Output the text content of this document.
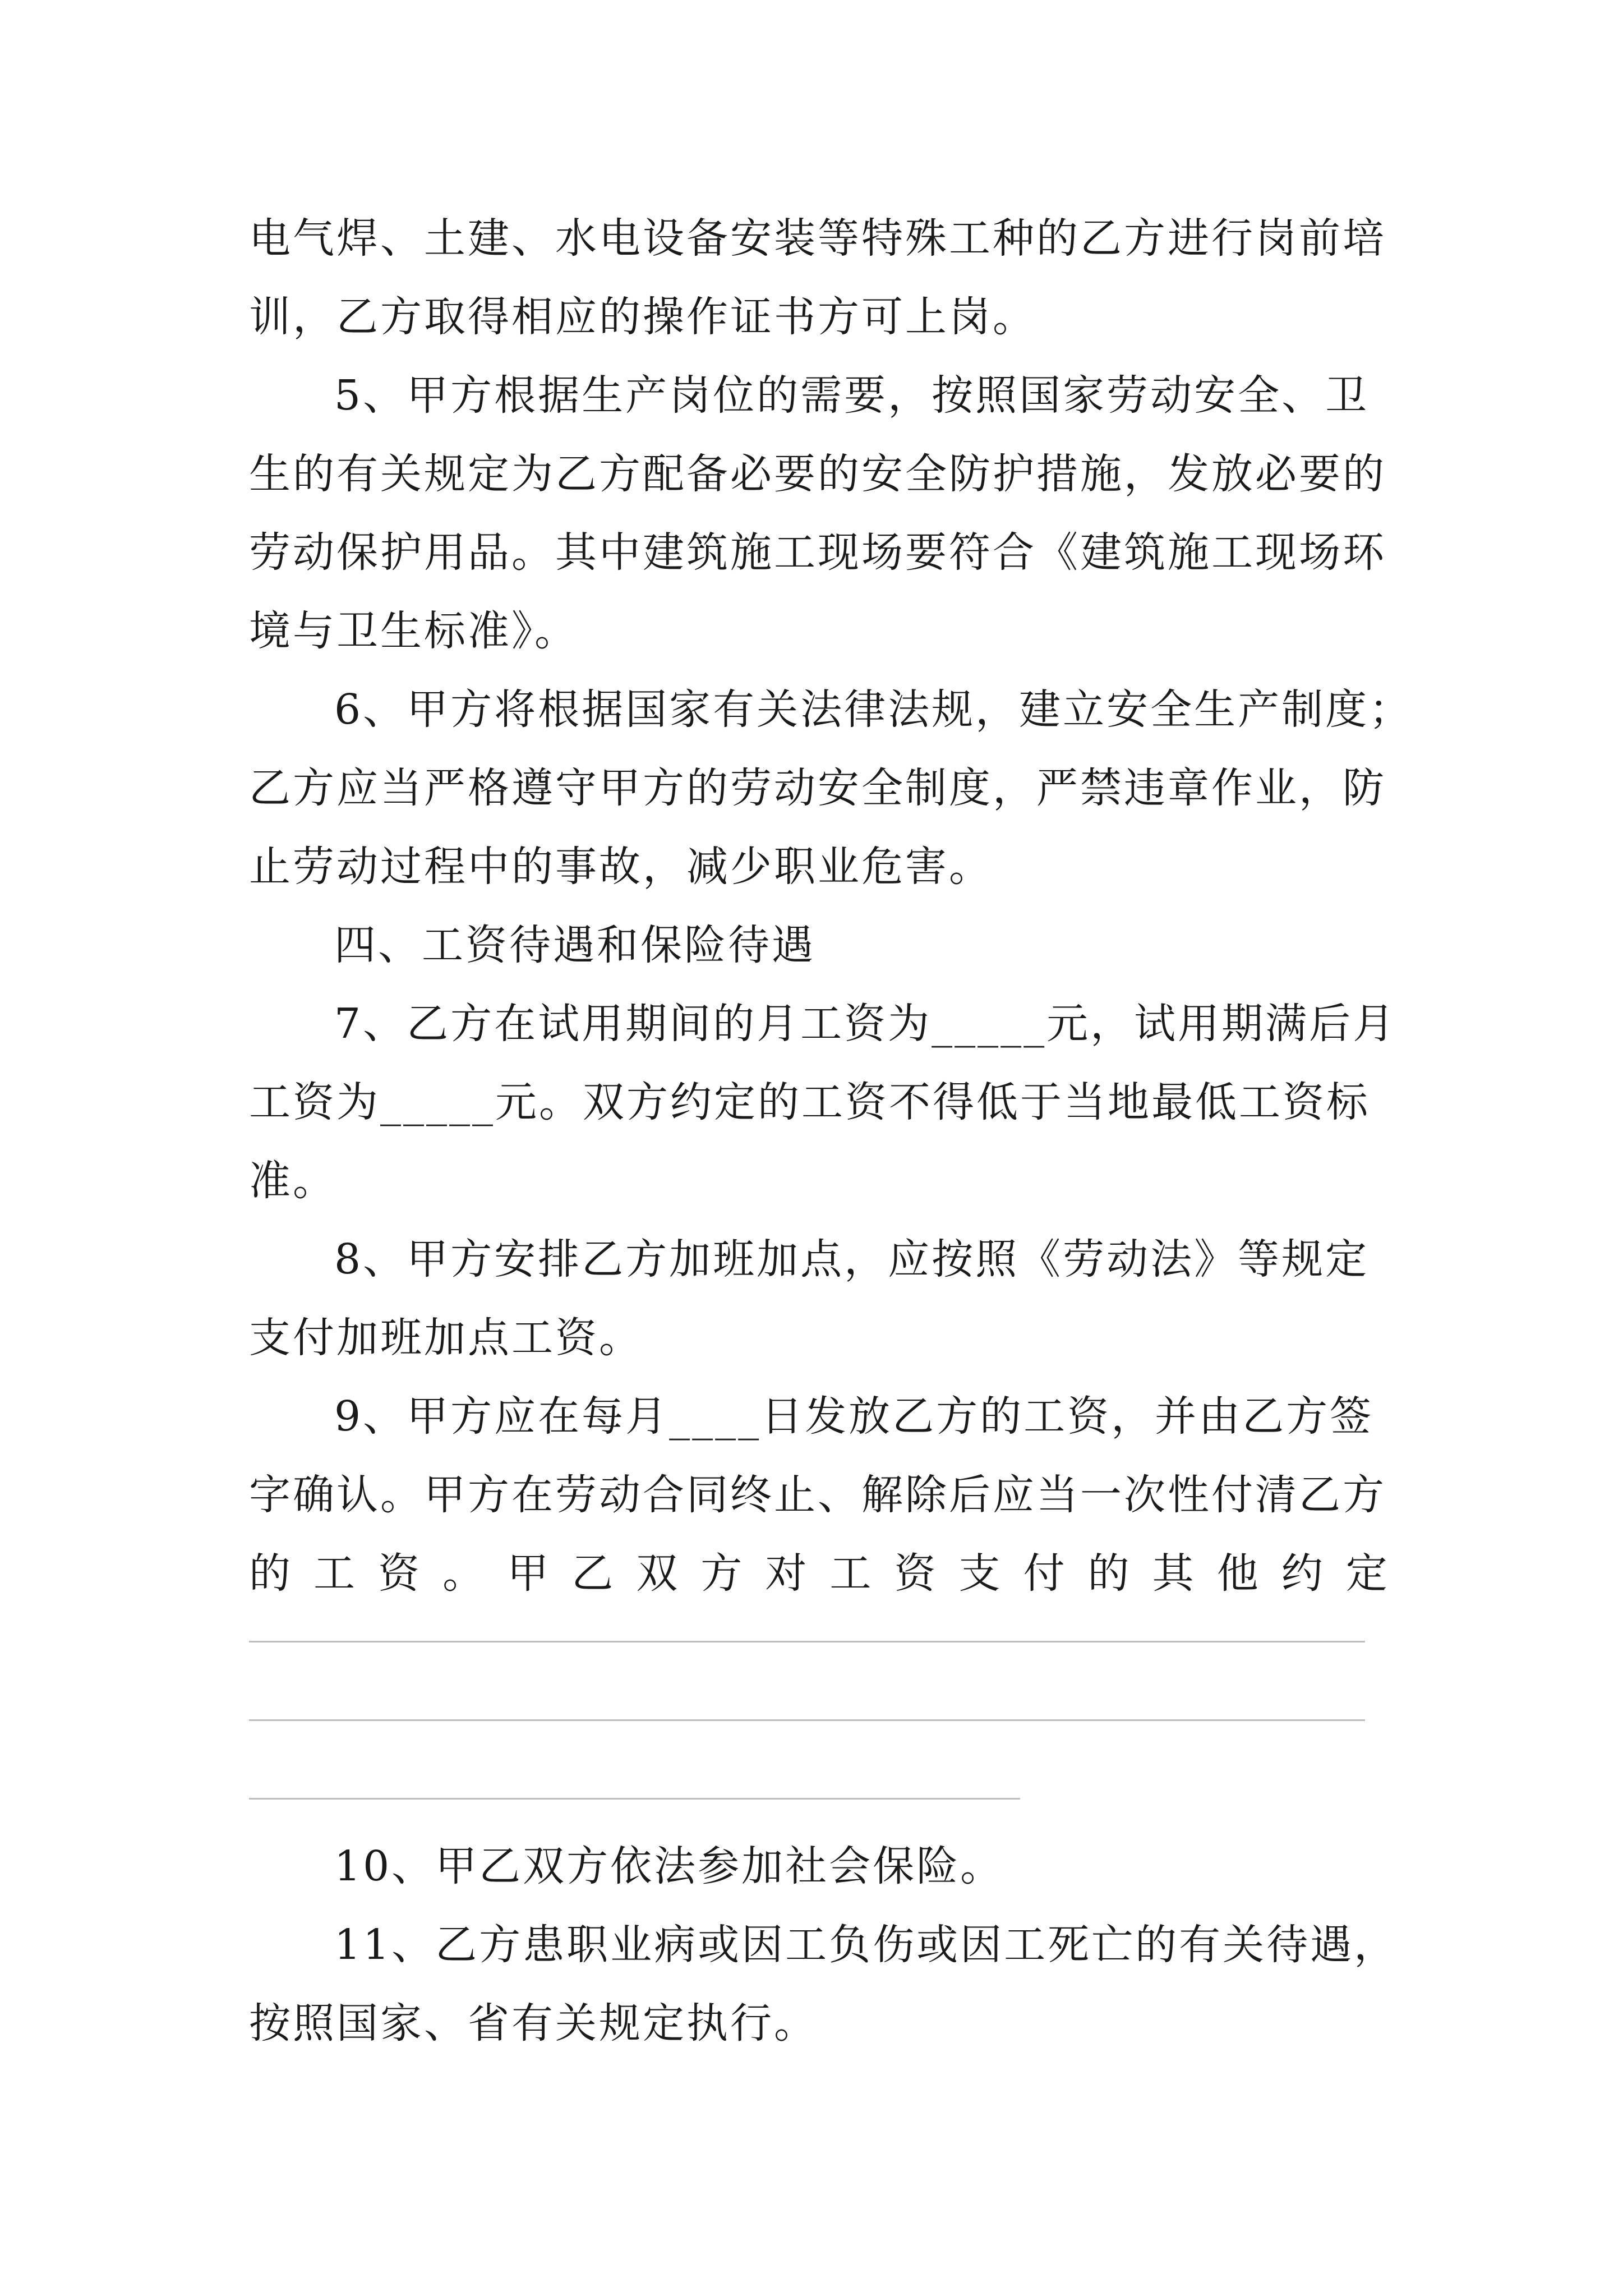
电气焊、土建、水电设备安装等特殊工种的乙方进行岗前培

训，乙方取得相应的操作证书方可上岗。

5、甲方根据生产岗位的需要，按照国家劳动安全、卫

生的有关规定为乙方配备必要的安全防护措施，发放必要的

劳动保护用品。其中建筑施工现场要符合《建筑施工现场环

境与卫生标准》。

6、甲方将根据国家有关法律法规，建立安全生产制度；

乙方应当严格遵守甲方的劳动安全制度，严禁违章作业，防

止劳动过程中的事故，减少职业危害。

四、工资待遇和保险待遇

7、乙方在试用期间的月工资为_____元，试用期满后月

工资为_____元。双方约定的工资不得低于当地最低工资标

准。

8、甲方安排乙方加班加点，应按照《劳动法》等规定

支付加班加点工资。

9、甲方应在每月____日发放乙方的工资，并由乙方签

字确认。甲方在劳动合同终止、解除后应当一次性付清乙方

的 工 资 。 甲 乙 双 方 对 工 资 支 付 的 其 他 约 定

10、甲乙双方依法参加社会保险。

11、乙方患职业病或因工负伤或因工死亡的有关待遇，

按照国家、省有关规定执行。
